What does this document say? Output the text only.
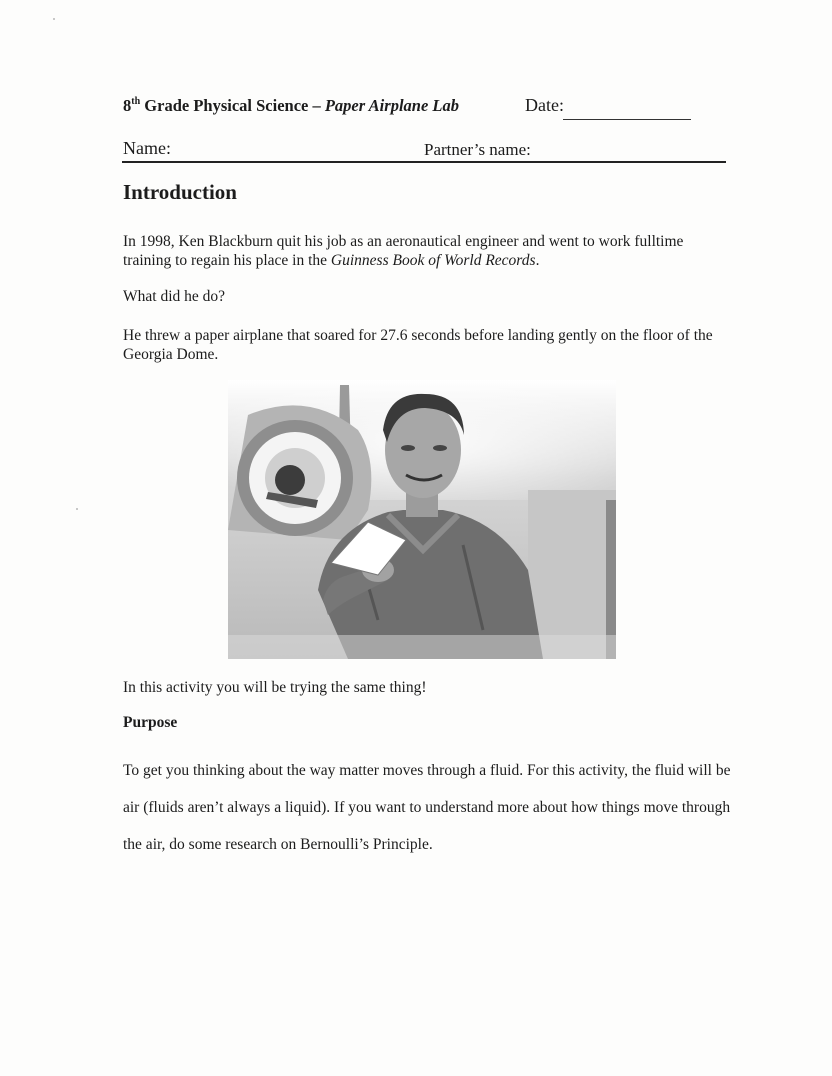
8th Grade Physical Science – Paper Airplane Lab	Date:
Name:	Partner’s name:
Introduction
In 1998, Ken Blackburn quit his job as an aeronautical engineer and went to work fulltime training to regain his place in the Guinness Book of World Records.
What did he do?
He threw a paper airplane that soared for 27.6 seconds before landing gently on the floor of the Georgia Dome.
In this activity you will be trying the same thing!
Purpose
To get you thinking about the way matter moves through a fluid. For this activity, the fluid will be air (fluids aren’t always a liquid). If you want to understand more about how things move through the air, do some research on Bernoulli’s Principle.
